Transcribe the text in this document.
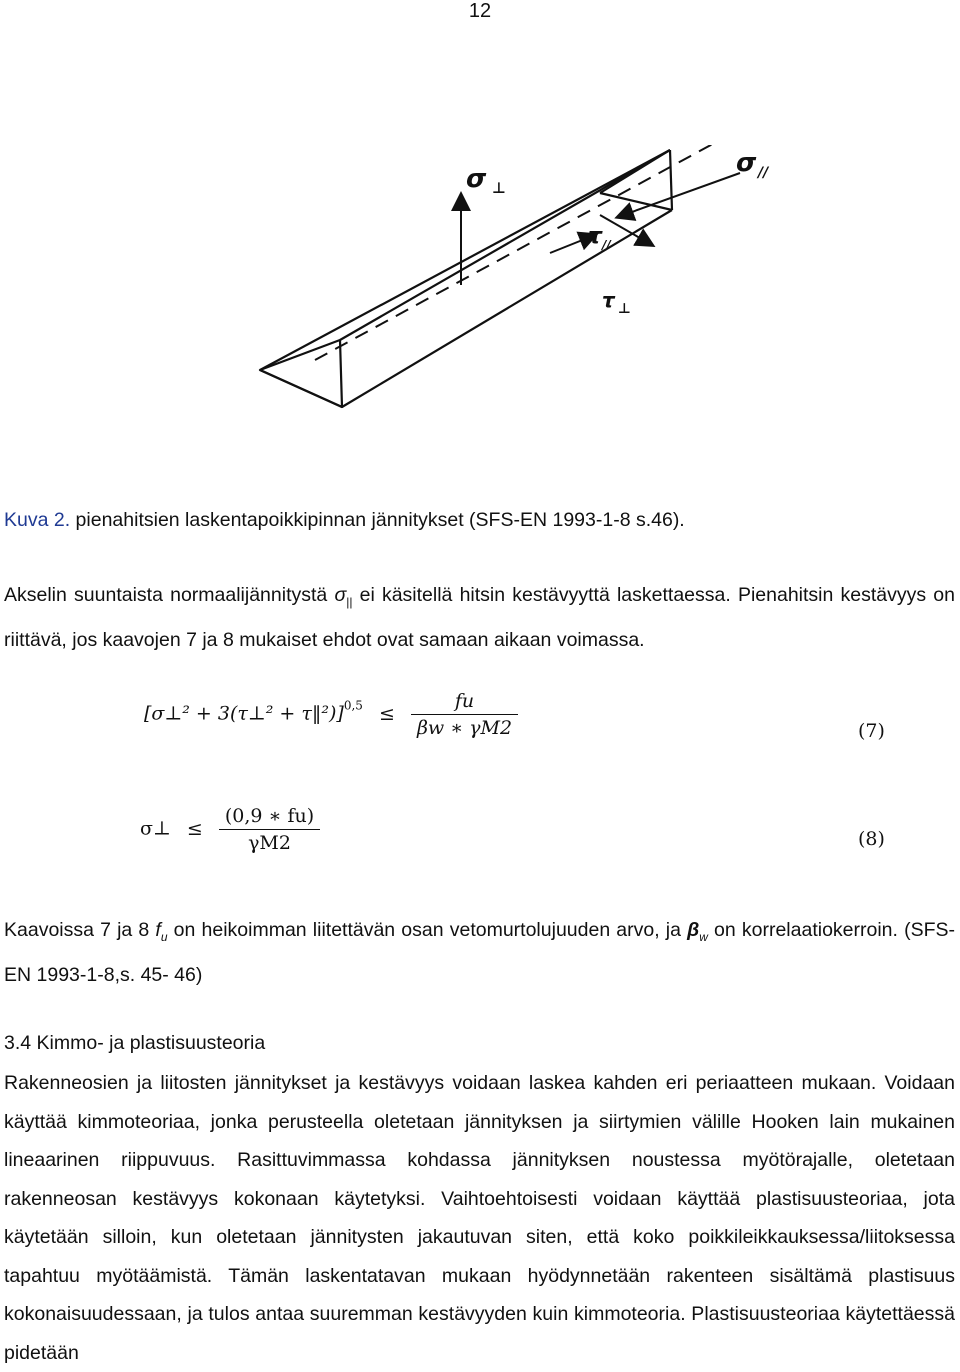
12
σ ⊥
σ //
τ //
τ ⊥
Kuva 2. pienahitsien laskentapoikkipinnan jännitykset (SFS-EN 1993-1-8 s.46).
Akselin suuntaista normaalijännitystä $\sigma_{||}$ ei käsitellä hitsin kestävyyttä laskettaessa. Pienahitsin kestävyys on riittävä, jos kaavojen 7 ja 8 mukaiset ehdot ovat samaan aikaan voimassa.
[σ⊥² + 3(τ⊥² + τ‖²)]$^{0,5}$ ≤ $\frac{fu}{\beta w ∗ \gamma M2}$	(7)
σ⊥ ≤ $\frac{(0,9 ∗ fu)}{\gamma M2}$	(8)
Kaavoissa 7 ja 8 $f_u$ on heikoimman liitettävän osan vetomurtolujuuden arvo, ja $\beta_w$ on korrelaatiokerroin. (SFS-EN 1993-1-8,s. 45- 46)
3.4 Kimmo- ja plastisuusteoria
Rakenneosien ja liitosten jännitykset ja kestävyys voidaan laskea kahden eri periaatteen mukaan. Voidaan käyttää kimmoteoriaa, jonka perusteella oletetaan jännityksen ja siirtymien välille Hooken lain mukainen lineaarinen riippuvuus. Rasittuvimmassa kohdassa jännityksen noustessa myötörajalle, oletetaan rakenneosan kestävyys kokonaan käytetyksi. Vaihtoehtoisesti voidaan käyttää plastisuusteoriaa, jota käytetään silloin, kun oletetaan jännitysten jakautuvan siten, että koko poikkileikkauksessa/liitoksessa tapahtuu myötäämistä. Tämän laskentatavan mukaan hyödynnetään rakenteen sisältämä plastisuus kokonaisuudessaan, ja tulos antaa suuremman kestävyyden kuin kimmoteoria. Plastisuusteoriaa käytettäessä pidetään
